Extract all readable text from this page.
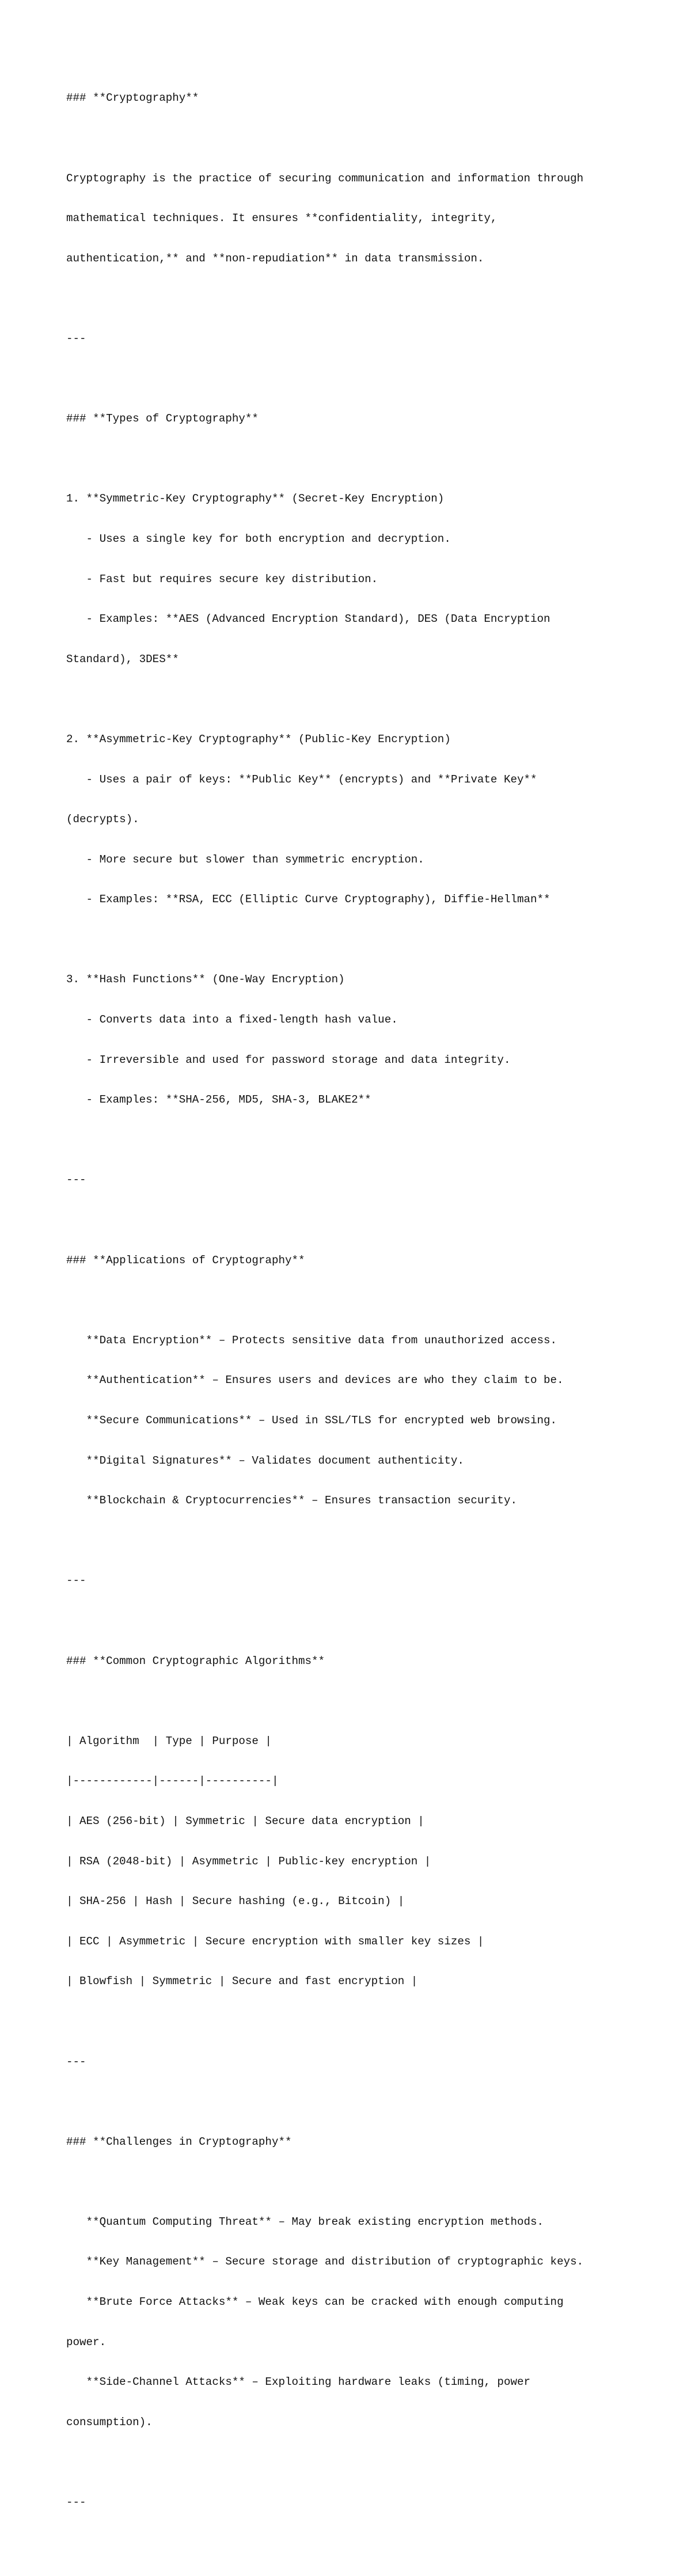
### **Cryptography**

Cryptography is the practice of securing communication and information through

mathematical techniques. It ensures **confidentiality, integrity,

authentication,** and **non-repudiation** in data transmission.

---

### **Types of Cryptography**

1. **Symmetric-Key Cryptography** (Secret-Key Encryption)

- Uses a single key for both encryption and decryption.

- Fast but requires secure key distribution.

- Examples: **AES (Advanced Encryption Standard), DES (Data Encryption

Standard), 3DES**

2. **Asymmetric-Key Cryptography** (Public-Key Encryption)

- Uses a pair of keys: **Public Key** (encrypts) and **Private Key**

(decrypts).

- More secure but slower than symmetric encryption.

- Examples: **RSA, ECC (Elliptic Curve Cryptography), Diffie-Hellman**

3. **Hash Functions** (One-Way Encryption)

- Converts data into a fixed-length hash value.

- Irreversible and used for password storage and data integrity.

- Examples: **SHA-256, MD5, SHA-3, BLAKE2**

---

### **Applications of Cryptography**

**Data Encryption** – Protects sensitive data from unauthorized access.

**Authentication** – Ensures users and devices are who they claim to be.

**Secure Communications** – Used in SSL/TLS for encrypted web browsing.

**Digital Signatures** – Validates document authenticity.

**Blockchain & Cryptocurrencies** – Ensures transaction security.

---

### **Common Cryptographic Algorithms**

| Algorithm  | Type | Purpose |

|------------|------|----------|

| AES (256-bit) | Symmetric | Secure data encryption |

| RSA (2048-bit) | Asymmetric | Public-key encryption |

| SHA-256 | Hash | Secure hashing (e.g., Bitcoin) |

| ECC | Asymmetric | Secure encryption with smaller key sizes |

| Blowfish | Symmetric | Secure and fast encryption |

---

### **Challenges in Cryptography**

**Quantum Computing Threat** – May break existing encryption methods.

**Key Management** – Secure storage and distribution of cryptographic keys.

**Brute Force Attacks** – Weak keys can be cracked with enough computing

power.

**Side-Channel Attacks** – Exploiting hardware leaks (timing, power

consumption).

---
